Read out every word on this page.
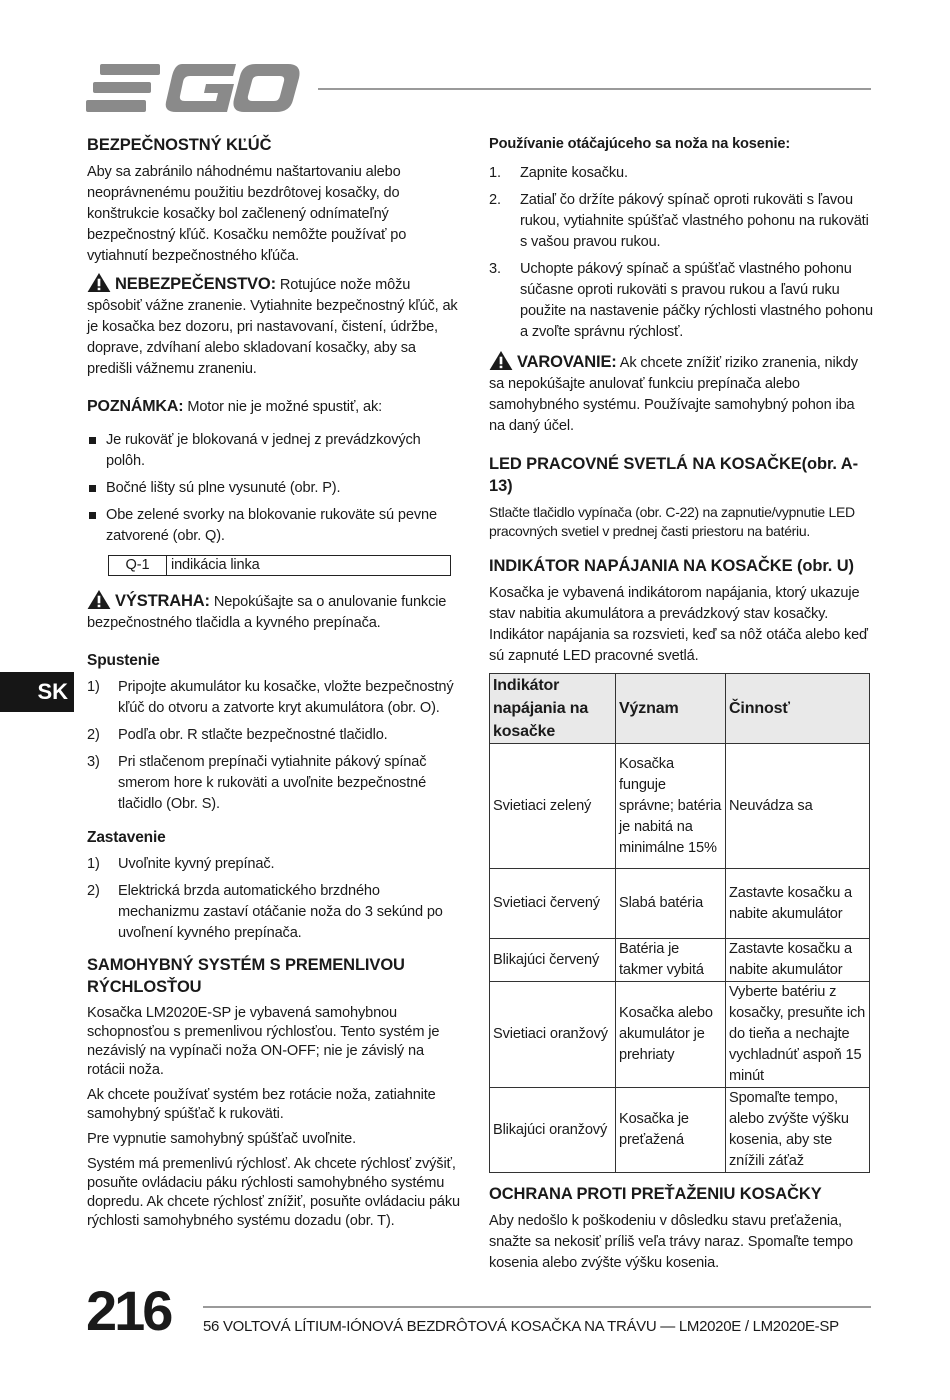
BEZPEČNOSTNÝ KĽÚČ

Aby sa zabránilo náhodnému naštartovaniu alebo neoprávnenému použitiu bezdrôtovej kosačky, do konštrukcie kosačky bol začlenený odnímateľný bezpečnostný kľúč. Kosačku nemôžte používať po vytiahnutí bezpečnostného kľúča.

NEBEZPEČENSTVO: Rotujúce nože môžu spôsobiť vážne zranenie. Vytiahnite bezpečnostný kľúč, ak je kosačka bez dozoru, pri nastavovaní, čistení, údržbe, doprave, zdvíhaní alebo skladovaní kosačky, aby sa predišli vážnemu zraneniu.

POZNÁMKA: Motor nie je možné spustiť, ak:

Je rukoväť je blokovaná v jednej z prevádzkových polôh.
Bočné lišty sú plne vysunuté (obr. P).
Obe zelené svorky na blokovanie rukoväte sú pevne zatvorené (obr. Q).
Q-1	indikácia linka

VÝSTRAHA: Nepokúšajte sa o anulovanie funkcie bezpečnostného tlačidla a kyvného prepínača.

Spustenie
1) Pripojte akumulátor ku kosačke, vložte bezpečnostný kľúč do otvoru a zatvorte kryt akumulátora (obr. O).
2) Podľa obr. R stlačte bezpečnostné tlačidlo.
3) Pri stlačenom prepínači vytiahnite pákový spínač smerom hore k rukoväti a uvoľnite bezpečnostné tlačidlo (Obr. S).
Zastavenie
1) Uvoľnite kyvný prepínač.
2) Elektrická brzda automatického brzdného mechanizmu zastaví otáčanie noža do 3 sekúnd po uvoľnení kyvného prepínača.
SAMOHYBNÝ SYSTÉM S PREMENLIVOU RÝCHLOSŤOU

Kosačka LM2020E-SP je vybavená samohybnou schopnosťou s premenlivou rýchlosťou. Tento systém je nezávislý na vypínači noža ON-OFF; nie je závislý na rotácii noža.

Ak chcete používať systém bez rotácie noža, zatiahnite samohybný spúšťač k rukoväti.

Pre vypnutie samohybný spúšťač uvoľnite.

Systém má premenlivú rýchlosť. Ak chcete rýchlosť zvýšiť, posuňte ovládaciu páku rýchlosti samohybného systému dopredu. Ak chcete rýchlosť znížiť, posuňte ovládaciu páku rýchlosti samohybného systému dozadu (obr. T).

Používanie otáčajúceho sa noža na kosenie:

1. Zapnite kosačku.
2. Zatiaľ čo držíte pákový spínač oproti rukoväti s ľavou rukou, vytiahnite spúšťač vlastného pohonu na rukoväti s vašou pravou rukou.
3. Uchopte pákový spínač a spúšťač vlastného pohonu súčasne oproti rukoväti s pravou rukou a ľavú ruku použite na nastavenie páčky rýchlosti vlastného pohonu a zvoľte správnu rýchlosť.

VAROVANIE: Ak chcete znížiť riziko zranenia, nikdy sa nepokúšajte anulovať funkciu prepínača alebo samohybného systému. Používajte samohybný pohon iba na daný účel.

LED PRACOVNÉ SVETLÁ NA KOSAČKE(obr. A-13)

Stlačte tlačidlo vypínača (obr. C-22) na zapnutie/vypnutie LED pracovných svetiel v prednej časti priestoru na batériu.

INDIKÁTOR NAPÁJANIA NA KOSAČKE (obr. U)

Kosačka je vybavená indikátorom napájania, ktorý ukazuje stav nabitia akumulátora a prevádzkový stav kosačky. Indikátor napájania sa rozsvieti, keď sa nôž otáča alebo keď sú zapnuté LED pracovné svetlá.

Indikátor napájania na kosačke	Význam	Činnosť
Svietiaci zelený	Kosačka funguje správne; batéria je nabitá na minimálne 15%	Neuvádza sa
Svietiaci červený	Slabá batéria	Zastavte kosačku a nabite akumulátor
Blikajúci červený	Batéria je takmer vybitá	Zastavte kosačku a nabite akumulátor
Svietiaci oranžový	Kosačka alebo akumulátor je prehriaty	Vyberte batériu z kosačky, presuňte ich do tieňa a nechajte vychladnúť aspoň 15 minút
Blikajúci oranžový	Kosačka je preťažená	Spomaľte tempo, alebo zvýšte výšku kosenia, aby ste znížili záťaž
OCHRANA PROTI PREŤAŽENIU KOSAČKY

Aby nedošlo k poškodeniu v dôsledku stavu preťaženia, snažte sa nekosiť príliš veľa trávy naraz. Spomaľte tempo kosenia alebo zvýšte výšku kosenia.

SK
216 56 VOLTOVÁ LÍTIUM-IÓNOVÁ BEZDRÔTOVÁ KOSAČKA NA TRÁVU — LM2020E / LM2020E-SP
